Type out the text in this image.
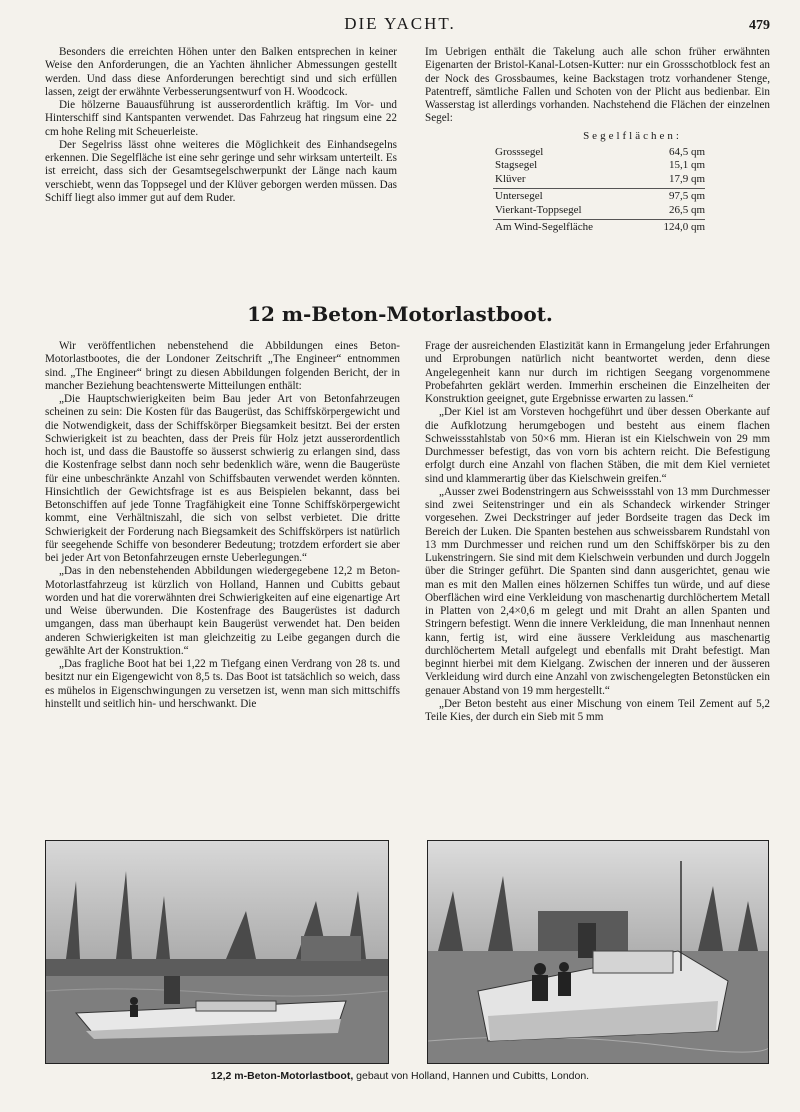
DIE YACHT.	479

Besonders die erreichten Höhen unter den Balken entsprechen in keiner Weise den Anforderungen, die an Yachten ähnlicher Abmessungen gestellt werden. Und dass diese Anforderungen berechtigt sind und sich erfüllen lassen, zeigt der erwähnte Verbesserungsentwurf von H. Woodcock.

Die hölzerne Bauausführung ist ausserordentlich kräftig. Im Vor- und Hinterschiff sind Kantspanten verwendet. Das Fahrzeug hat ringsum eine 22 cm hohe Reling mit Scheuerleiste.

Der Segelriss lässt ohne weiteres die Möglichkeit des Einhandsegelns erkennen. Die Segelfläche ist eine sehr geringe und sehr wirksam unterteilt. Es ist erreicht, dass sich der Gesamtsegelschwerpunkt der Länge nach kaum verschiebt, wenn das Toppsegel und der Klüver geborgen werden müssen. Das Schiff liegt also immer gut auf dem Ruder.

Im Uebrigen enthält die Takelung auch alle schon früher erwähnten Eigenarten der Bristol-Kanal-Lotsen-Kutter: nur ein Grossschotblock fest an der Nock des Grossbaumes, keine Backstagen trotz vorhandener Stenge, Patentreff, sämtliche Fallen und Schoten von der Plicht aus bedienbar. Ein Wasserstag ist allerdings vorhanden. Nachstehend die Flächen der einzelnen Segel:

Segelflächen:
Grosssegel	64,5 qm
Stagsegel	15,1 qm
Klüver	17,9 qm
Untersegel	97,5 qm
Vierkant-Toppsegel	26,5 qm
Am Wind-Segelfläche	124,0 qm
12 m-Beton-Motorlastboot.

Wir veröffentlichen nebenstehend die Abbildungen eines Beton-Motorlastbootes, die der Londoner Zeitschrift „The Engineer“ entnommen sind. „The Engineer“ bringt zu diesen Abbildungen folgenden Bericht, der in mancher Beziehung beachtenswerte Mitteilungen enthält:

„Die Hauptschwierigkeiten beim Bau jeder Art von Betonfahrzeugen scheinen zu sein: Die Kosten für das Baugerüst, das Schiffskörpergewicht und die Notwendigkeit, dass der Schiffskörper Biegsamkeit besitzt. Bei der ersten Schwierigkeit ist zu beachten, dass der Preis für Holz jetzt ausserordentlich hoch ist, und dass die Baustoffe so äusserst schwierig zu erlangen sind, dass die Kostenfrage selbst dann noch sehr bedenklich wäre, wenn die Baugerüste für eine unbeschränkte Anzahl von Schiffsbauten verwendet werden könnten. Hinsichtlich der Gewichtsfrage ist es aus Beispielen bekannt, dass bei Betonschiffen auf jede Tonne Tragfähigkeit eine Tonne Schiffskörpergewicht kommt, eine Verhältniszahl, die sich von selbst verbietet. Die dritte Schwierigkeit der Forderung nach Biegsamkeit des Schiffskörpers ist natürlich für seegehende Schiffe von besonderer Bedeutung; trotzdem erfordert sie aber bei jeder Art von Betonfahrzeugen ernste Ueberlegungen.“

„Das in den nebenstehenden Abbildungen wiedergegebene 12,2 m Beton-Motorlastfahrzeug ist kürzlich von Holland, Hannen und Cubitts gebaut worden und hat die vorerwähnten drei Schwierigkeiten auf eine eigenartige Art und Weise überwunden. Die Kostenfrage des Baugerüstes ist dadurch umgangen, dass man überhaupt kein Baugerüst verwendet hat. Den beiden anderen Schwierigkeiten ist man gleichzeitig zu Leibe gegangen durch die gewählte Art der Konstruktion.“

„Das fragliche Boot hat bei 1,22 m Tiefgang einen Verdrang von 28 ts. und besitzt nur ein Eigengewicht von 8,5 ts. Das Boot ist tatsächlich so weich, dass es mühelos in Eigenschwingungen zu versetzen ist, wenn man sich mittschiffs hinstellt und seitlich hin- und herschwankt. Die

Frage der ausreichenden Elastizität kann in Ermangelung jeder Erfahrungen und Erprobungen natürlich nicht beantwortet werden, denn diese Angelegenheit kann nur durch im richtigen Seegang vorgenommene Probefahrten geklärt werden. Immerhin erscheinen die Einzelheiten der Konstruktion geeignet, gute Ergebnisse erwarten zu lassen.“

„Der Kiel ist am Vorsteven hochgeführt und über dessen Oberkante auf die Aufklotzung herumgebogen und besteht aus einem flachen Schweissstahlstab von 50×6 mm. Hieran ist ein Kielschwein von 29 mm Durchmesser befestigt, das von vorn bis achtern reicht. Die Befestigung erfolgt durch eine Anzahl von flachen Stäben, die mit dem Kiel vernietet sind und klammerartig über das Kielschwein greifen.“

„Ausser zwei Bodenstringern aus Schweissstahl von 13 mm Durchmesser sind zwei Seitenstringer und ein als Schandeck wirkender Stringer vorgesehen. Zwei Deckstringer auf jeder Bordseite tragen das Deck im Bereich der Luken. Die Spanten bestehen aus schweissbarem Rundstahl von 13 mm Durchmesser und reichen rund um den Schiffskörper bis zu den Lukenstringern. Sie sind mit dem Kielschwein verbunden und durch Joggeln über die Stringer geführt. Die Spanten sind dann ausgerichtet, genau wie man es mit den Mallen eines hölzernen Schiffes tun würde, und auf diese Oberflächen wird eine Verkleidung von maschenartig durchlöchertem Metall in Platten von 2,4×0,6 m gelegt und mit Draht an allen Spanten und Stringern befestigt. Wenn die innere Verkleidung, die man Innenhaut nennen kann, fertig ist, wird eine äussere Verkleidung aus maschenartig durchlöchertem Metall aufgelegt und ebenfalls mit Draht befestigt. Man beginnt hierbei mit dem Kielgang. Zwischen der inneren und der äusseren Verkleidung wird durch eine Anzahl von zwischengelegten Betonstücken ein genauer Abstand von 19 mm hergestellt.“

„Der Beton besteht aus einer Mischung von einem Teil Zement auf 5,2 Teile Kies, der durch ein Sieb mit 5 mm

12,2 m-Beton-Motorlastboot, gebaut von Holland, Hannen und Cubitts, London.
